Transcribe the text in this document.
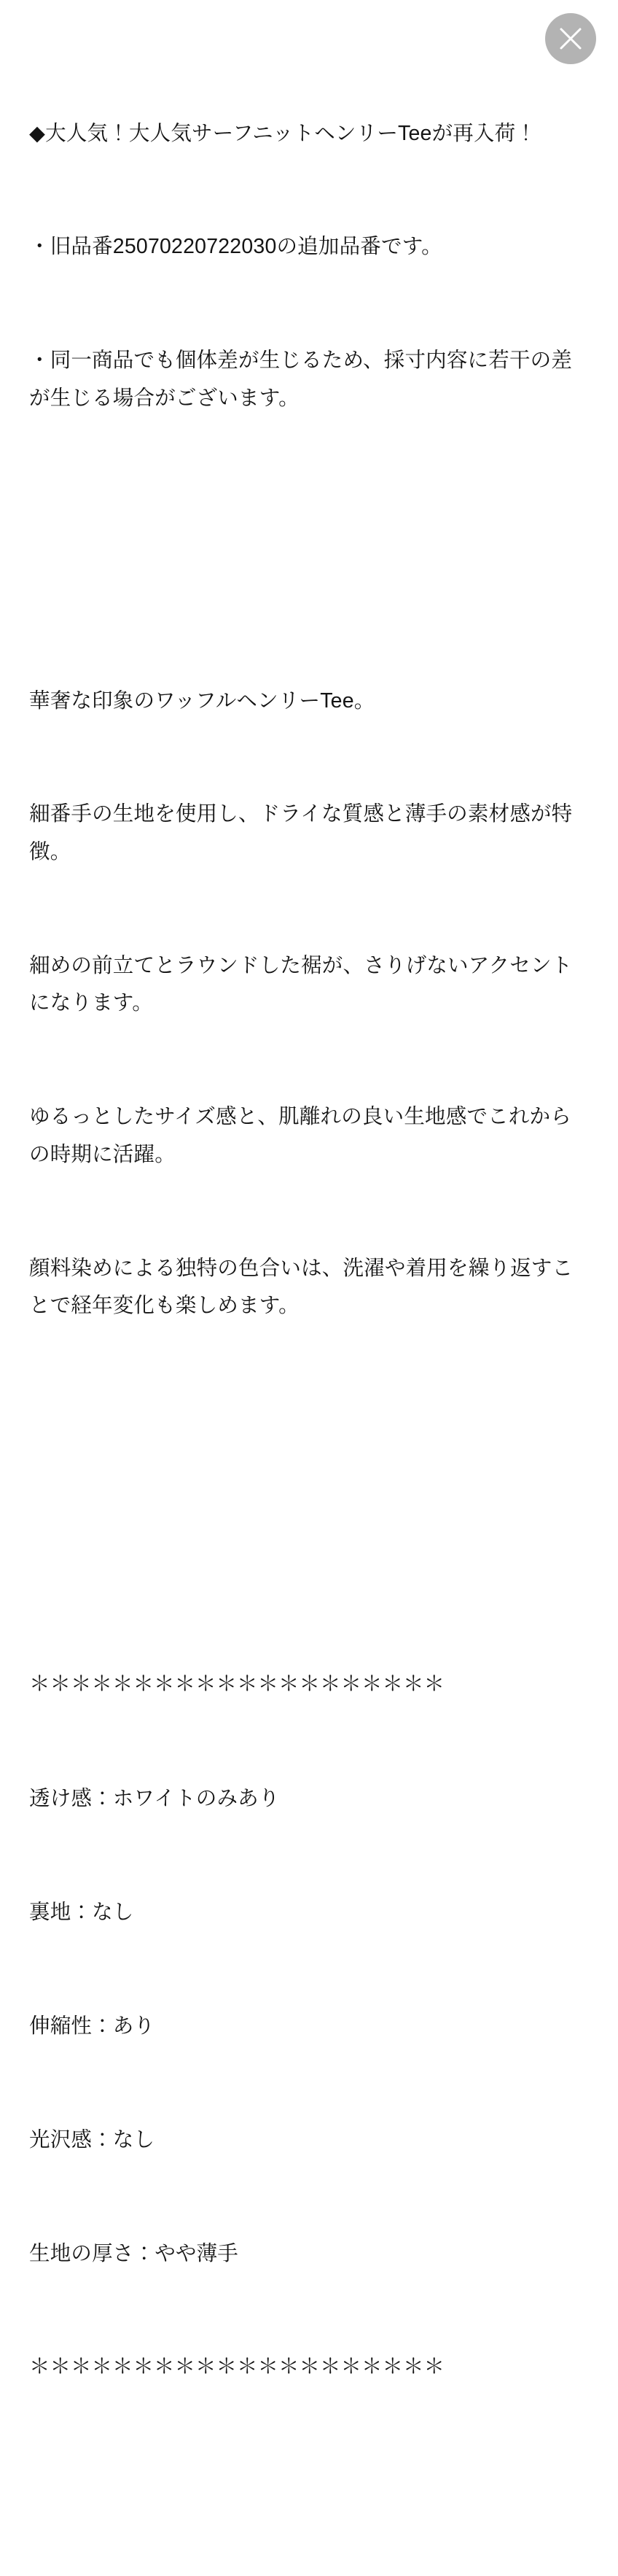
◆大人気！大人気サーフニットヘンリーTeeが再入荷！

・旧品番25070220722030の追加品番です。

・同一商品でも個体差が生じるため、採寸内容に若干の差が生じる場合がございます。

華奢な印象のワッフルヘンリーTee。

細番手の生地を使用し、ドライな質感と薄手の素材感が特徴。

細めの前立てとラウンドした裾が、さりげないアクセントになります。

ゆるっとしたサイズ感と、肌離れの良い生地感でこれからの時期に活躍。

顔料染めによる独特の色合いは、洗濯や着用を繰り返すことで経年変化も楽しめます。

＊＊＊＊＊＊＊＊＊＊＊＊＊＊＊＊＊＊＊＊

透け感：ホワイトのみあり

裏地：なし

伸縮性：あり

光沢感：なし

生地の厚さ：やや薄手

＊＊＊＊＊＊＊＊＊＊＊＊＊＊＊＊＊＊＊＊
